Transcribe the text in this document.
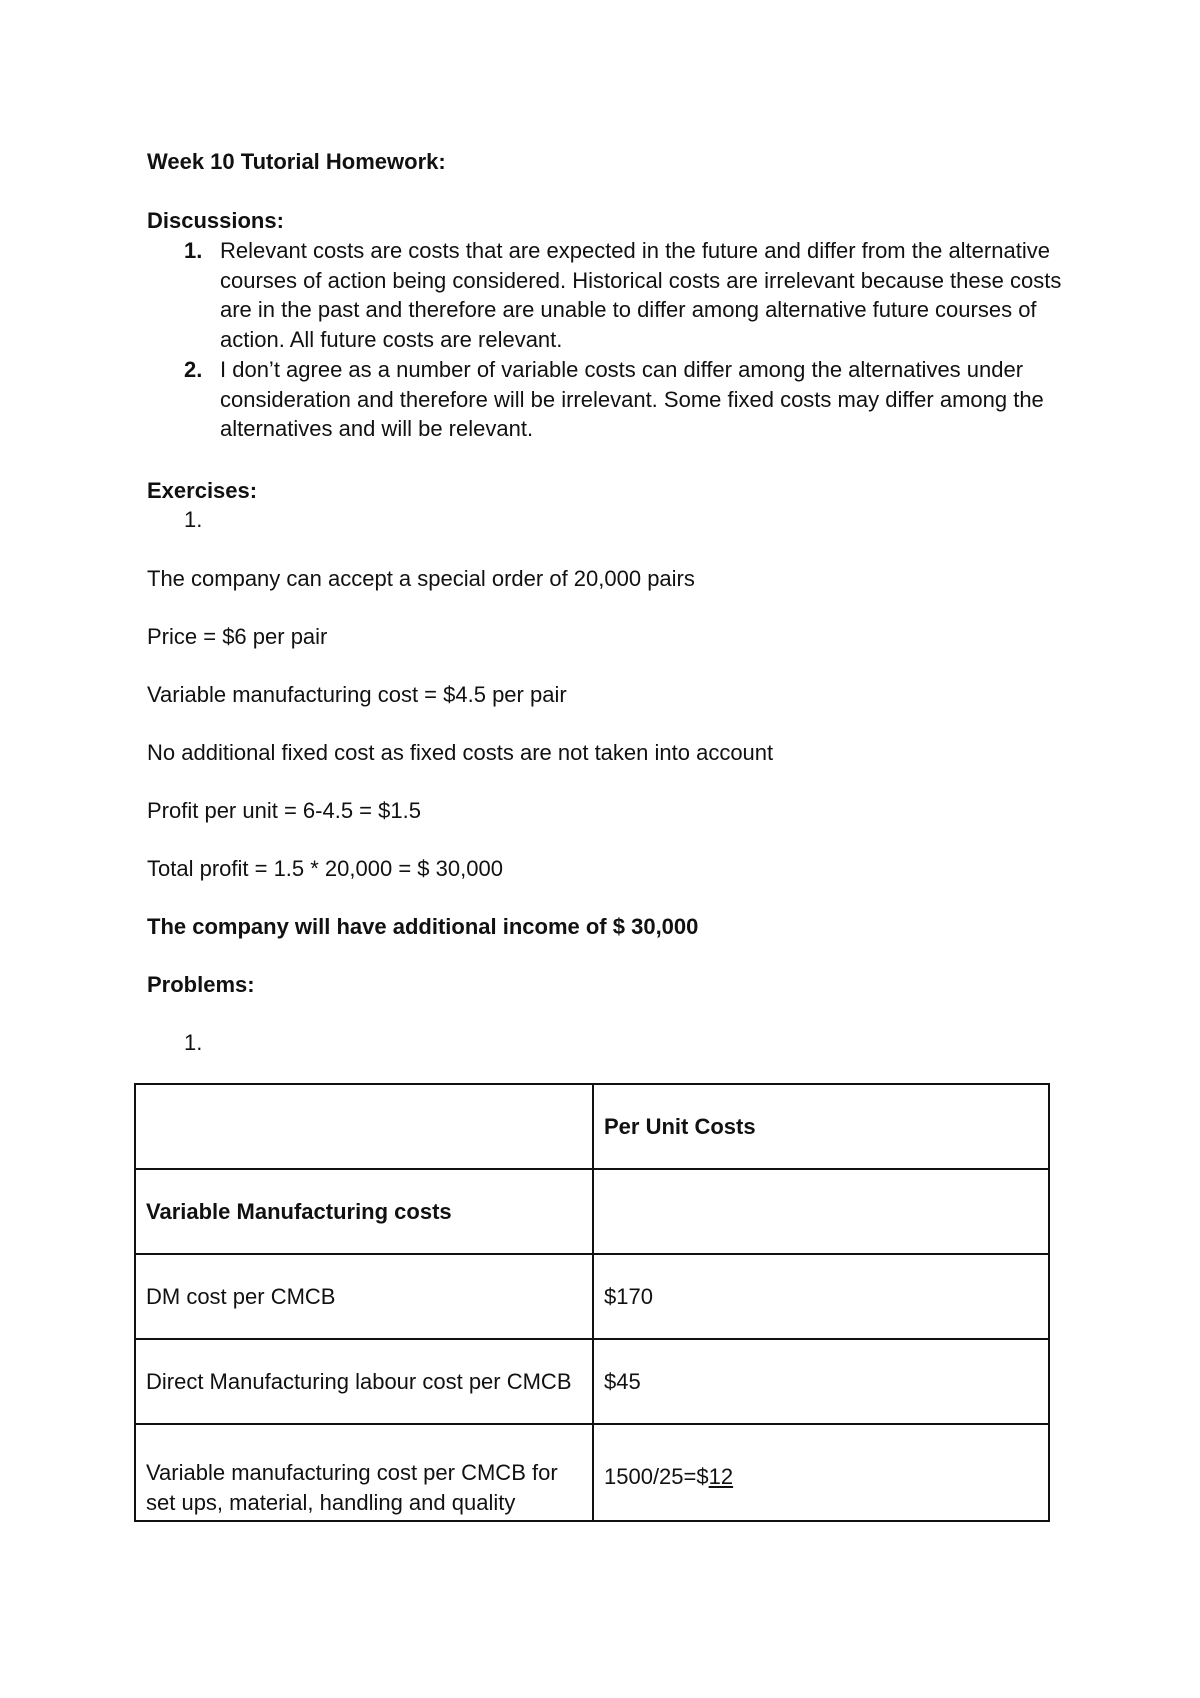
Week 10 Tutorial Homework:
Discussions:
1. Relevant costs are costs that are expected in the future and differ from the alternative courses of action being considered. Historical costs are irrelevant because these costs are in the past and therefore are unable to differ among alternative future courses of action. All future costs are relevant.
2. I don’t agree as a number of variable costs can differ among the alternatives under consideration and therefore will be irrelevant. Some fixed costs may differ among the alternatives and will be relevant.
Exercises:
1.
The company can accept a special order of 20,000 pairs
Price = $6 per pair
Variable manufacturing cost = $4.5 per pair
No additional fixed cost as fixed costs are not taken into account
Profit per unit = 6-4.5 = $1.5
Total profit = 1.5 * 20,000 = $ 30,000
The company will have additional income of $ 30,000
Problems:
1.
	Per Unit Costs
Variable Manufacturing costs	
DM cost per CMCB	$170
Direct Manufacturing labour cost per CMCB	$45
Variable manufacturing cost per CMCB for set ups, material, handling and quality	1500/25=$12
